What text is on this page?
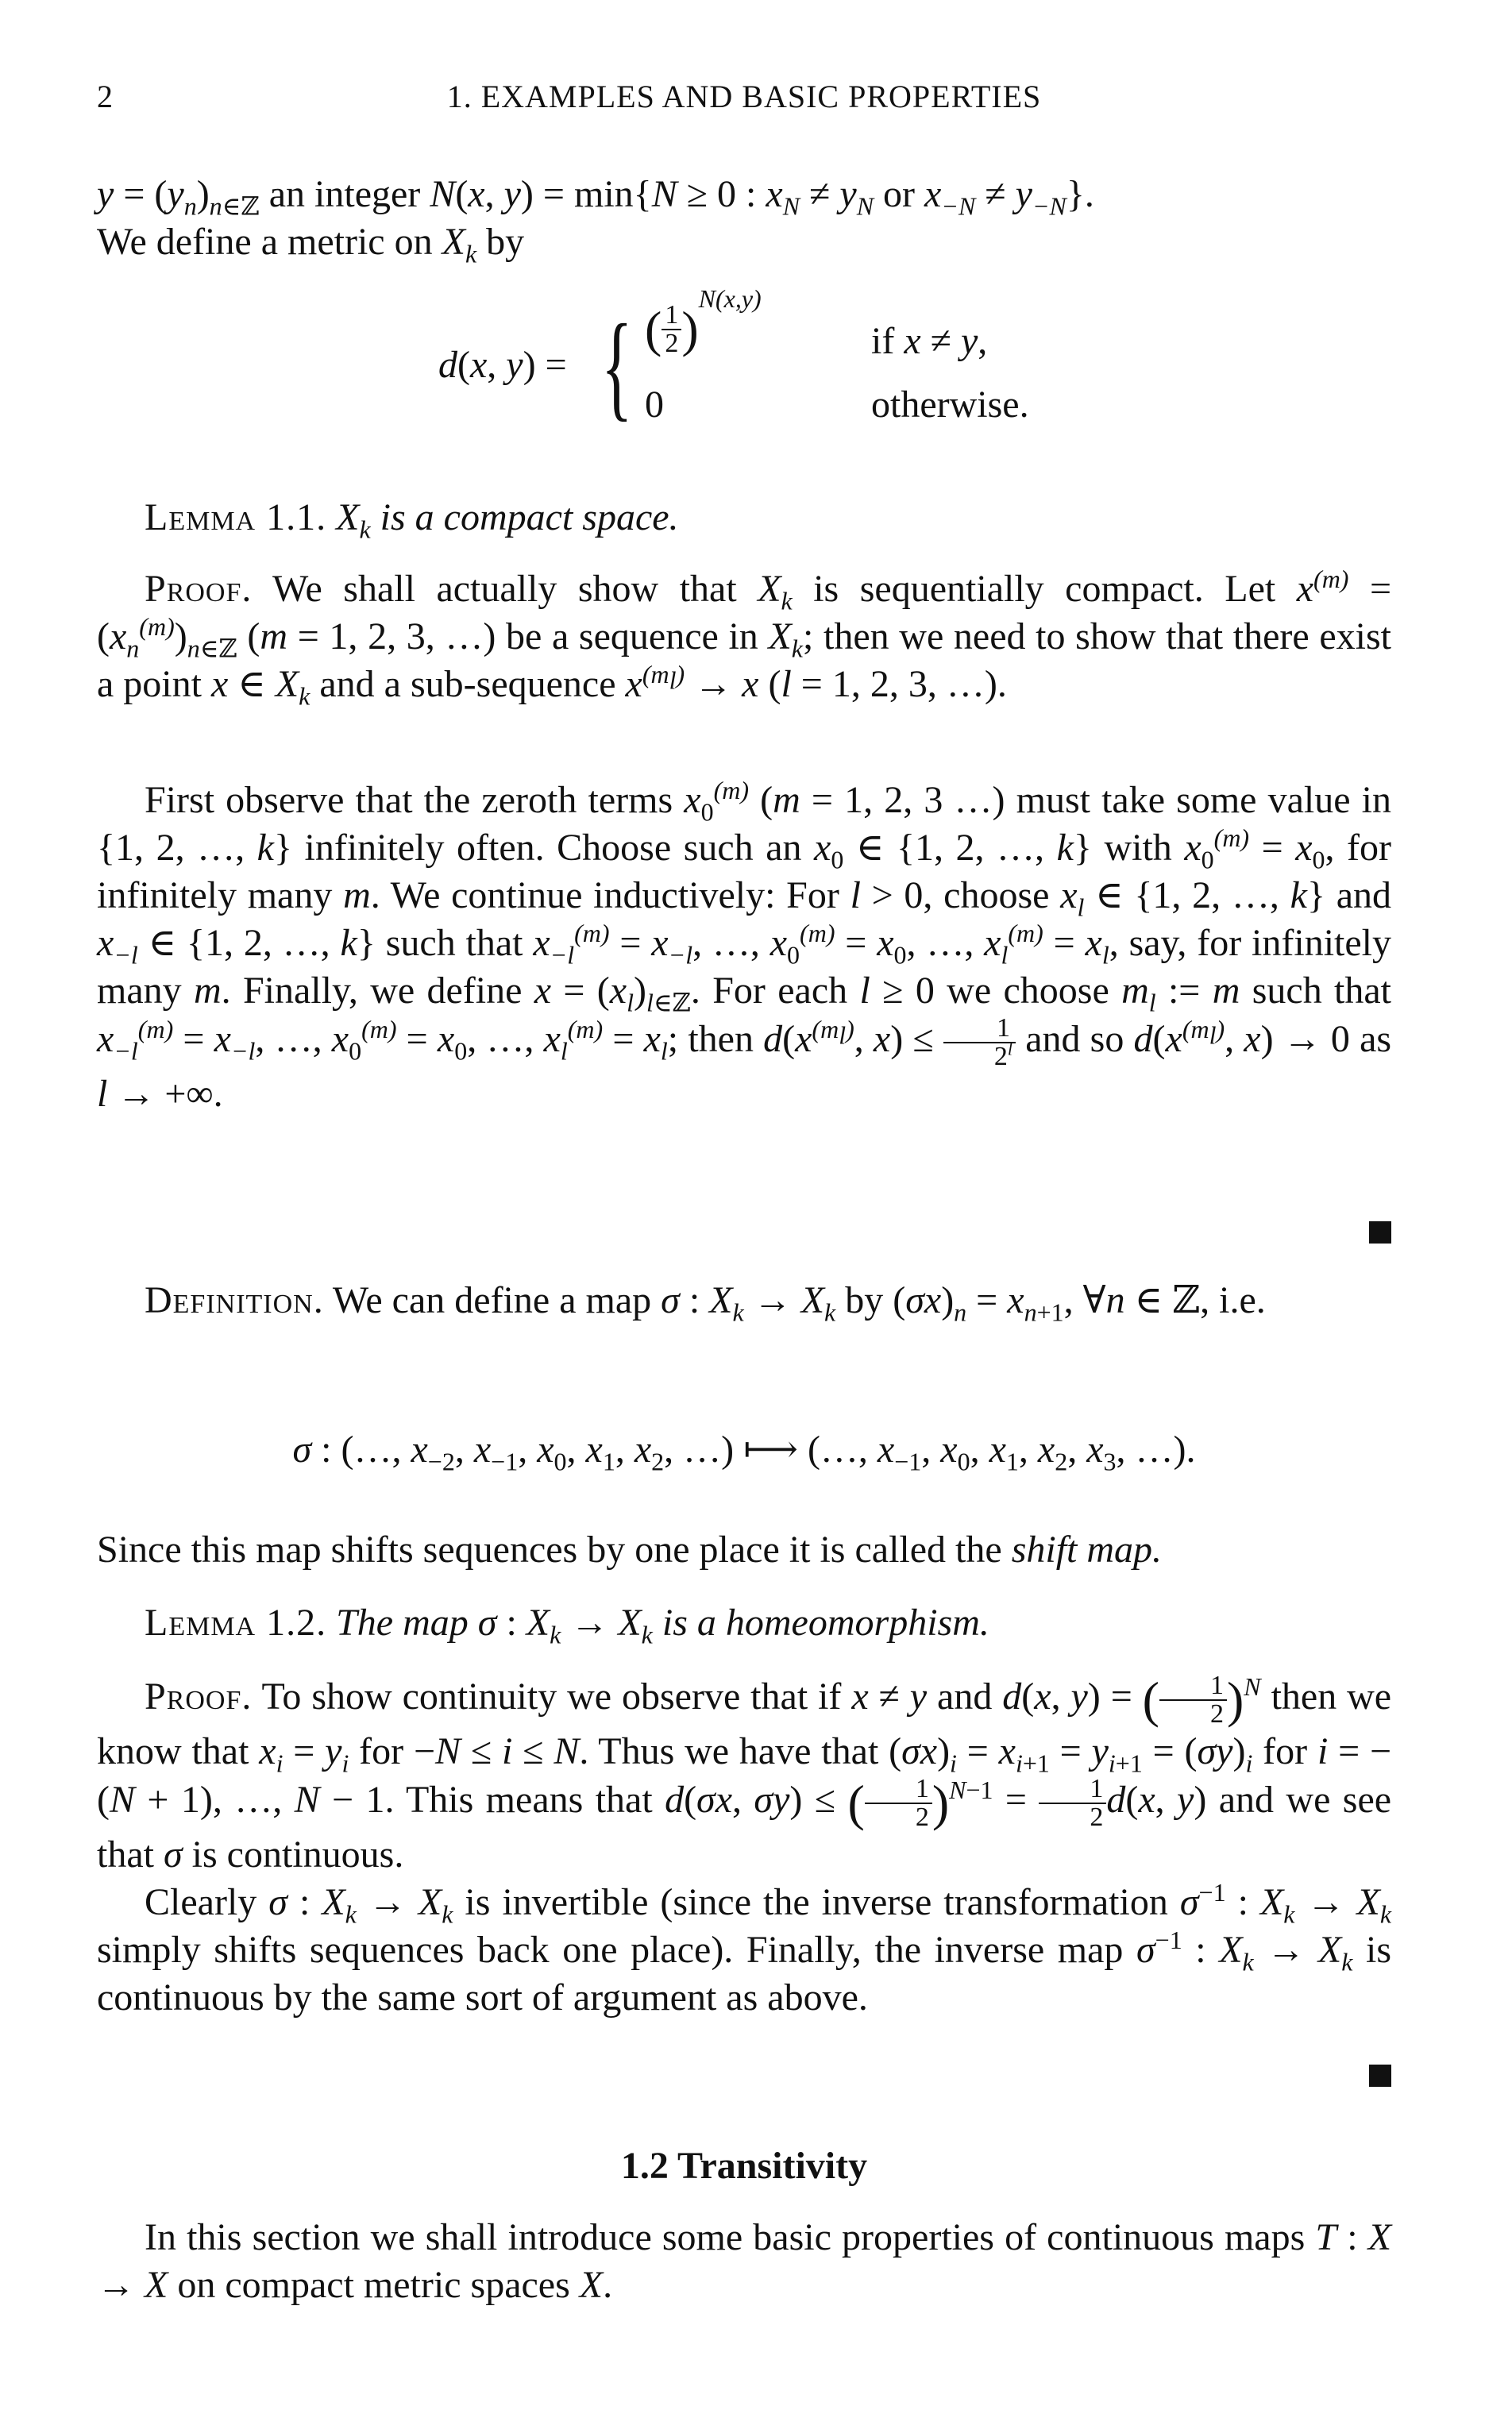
2	1. EXAMPLES AND BASIC PROPERTIES
$y = (y_n)_{n\in ℤ}$ an integer N(x, y) = min{N ≥ 0 : $x_N \ne y_N$ or $x_{-N} \ne y_{-N}$}.
We define a metric on $X_k$ by
d(x, y) = { ( $\frac{1}{2} )^{N(x,y)}$
0
if x ≠ y,
otherwise.
Lemma 1.1. $X_k$ is a compact space.
Proof. We shall actually show that $X_k$ is sequentially compact. Let $x^{(m)} = (x_n^{(m)})_{n\in ℤ}$ (m = 1, 2, 3, …) be a sequence in $X_k$; then we need to show that there exist a point x ∈ $X_k$ and a sub-sequence $x^{(m_l)} \to x$ (l = 1, 2, 3, …).
First observe that the zeroth terms $x_0^{(m)}$ (m = 1, 2, 3 …) must take some value in {1, 2, …, k} infinitely often. Choose such an $x_0$ ∈ {1, 2, …, k} with $x_0^{(m)} = x_0$, for infinitely many m. We continue inductively: For l > 0, choose $x_l$ ∈ {1, 2, …, k} and $x_{-l}$ ∈ {1, 2, …, k} such that $x_{-l}^{(m)} = x_{-l}$, …, $x_0^{(m)} = x_0$, …, $x_l^{(m)} = x_l$, say, for infinitely many m. Finally, we define $x = (x_l)_{l\in ℤ}$. For each l ≥ 0 we choose $m_l$ := m such that $x_{-l}^{(m)} = x_{-l}$, …, $x_0^{(m)} = x_0$, …, $x_l^{(m)} = x_l$; then $d(x^{(m_l)}$, $x) \le \frac{1}{2^l}$ and so $d(x^{(m_l)}$, x) → 0 as l → +∞.
Definition. We can define a map σ : $X_k \to X_k$ by $(\sigma x)_n = x_{n+1}$, ∀n ∈ ℤ, i.e.
σ : (…, $x_{-2}$, $x_{-1}$, $x_0$, $x_1$, $x_2$, …) ⟼ (…, $x_{-1}$, $x_0$, $x_1$, $x_2$, $x_3$, …).
Since this map shifts sequences by one place it is called the shift map.
Lemma 1.2. The map σ : $X_k \to X_k$ is a homeomorphism.
Proof. To show continuity we observe that if x ≠ y and d(x, y) = ( $\frac{1}{2} )^N$ then we know that $x_i = y_i$ for −N ≤ i ≤ N. Thus we have that $(\sigma x)_i = x_{i+1} = y_{i+1} = (\sigma y)_i$ for i = −(N + 1), …, N − 1. This means that d(σx, σy) ≤ ( $\frac{1}{2} )^{N-1} = \frac{1}{2} d(x$, y) and we see that σ is continuous.
Clearly σ : $X_k \to X_k$ is invertible (since the inverse transformation $\sigma^{-1}$ : $X_k \to X_k$ simply shifts sequences back one place). Finally, the inverse map $\sigma^{-1}$ : $X_k \to X_k$ is continuous by the same sort of argument as above.
1.2 Transitivity
In this section we shall introduce some basic properties of continuous maps T : X → X on compact metric spaces X.
